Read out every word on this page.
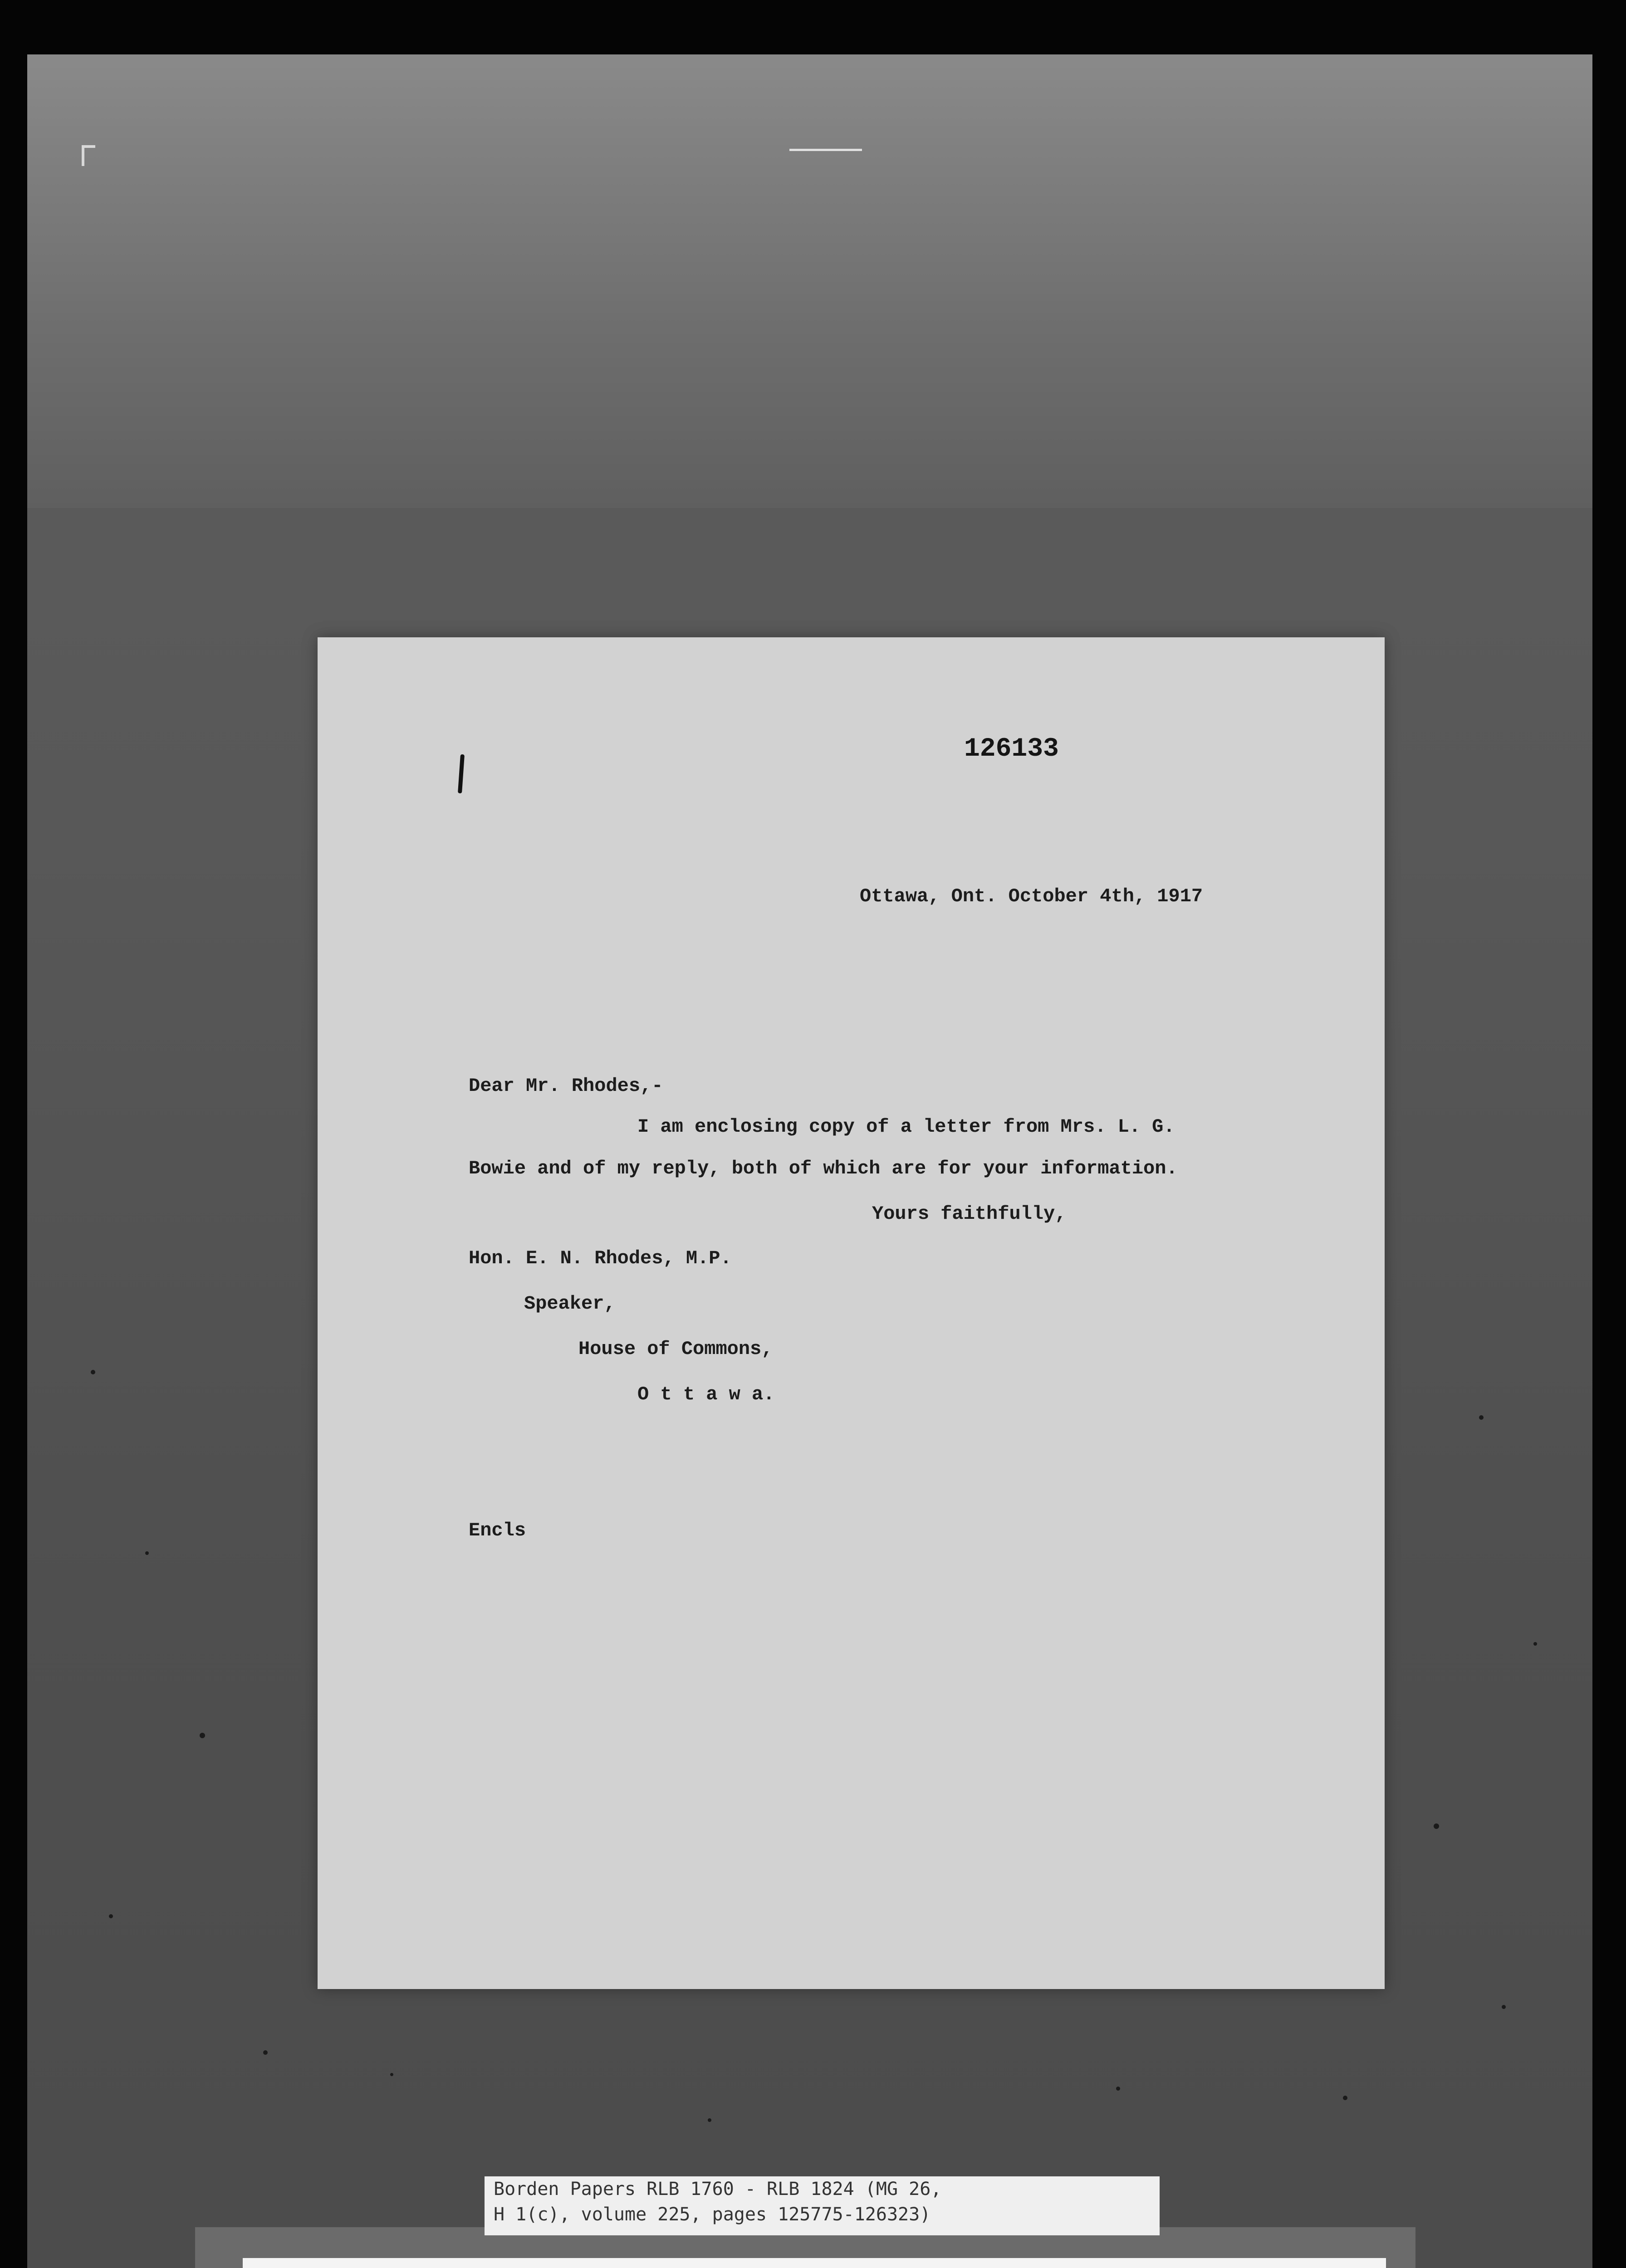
126133
Ottawa, Ont. October 4th, 1917
Dear Mr. Rhodes,-
I am enclosing copy of a letter from Mrs. L. G.
Bowie and of my reply, both of which are for your information.
Yours faithfully,
Hon. E. N. Rhodes, M.P.
Speaker,
House of Commons,
O t t a w a.
Encls
Borden Papers RLB 1760 - RLB 1824 (MG 26,
H 1(c), volume 225, pages 125775-126323)
